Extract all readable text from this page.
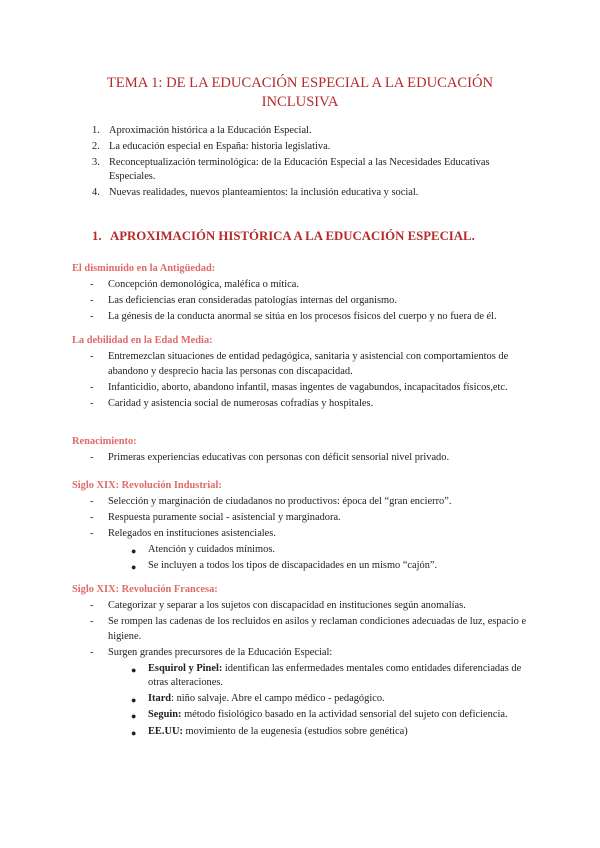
TEMA 1: DE LA EDUCACIÓN ESPECIAL A LA EDUCACIÓN
INCLUSIVA
1. Aproximación histórica a la Educación Especial.
2. La educación especial en España: historia legislativa.
3. Reconceptualización terminológica: de la Educación Especial a las Necesidades Educativas Especiales.
4. Nuevas realidades, nuevos planteamientos: la inclusión educativa y social.
1. APROXIMACIÓN HISTÓRICA A LA EDUCACIÓN ESPECIAL.
El disminuido en la Antigüedad:
- Concepción demonológica, maléfica o mítica.
- Las deficiencias eran consideradas patologías internas del organismo.
- La génesis de la conducta anormal se sitúa en los procesos físicos del cuerpo y no fuera de él.
La debilidad en la Edad Media:
- Entremezclan situaciones de entidad pedagógica, sanitaria y asistencial con comportamientos de abandono y desprecio hacia las personas con discapacidad.
- Infanticidio, aborto, abandono infantil, masas ingentes de vagabundos, incapacitados físicos,etc.
- Caridad y asistencia social de numerosas cofradías y hospitales.
Renacimiento:
- Primeras experiencias educativas con personas con déficit sensorial nivel privado.
Siglo XIX: Revolución Industrial:
- Selección y marginación de ciudadanos no productivos: época del “gran encierro”.
- Respuesta puramente social - asistencial y marginadora.
- Relegados en instituciones asistenciales.
● Atención y cuidados mínimos.
● Se incluyen a todos los tipos de discapacidades en un mismo “cajón”.
Siglo XIX: Revolución Francesa:
- Categorizar y separar a los sujetos con discapacidad en instituciones según anomalías.
- Se rompen las cadenas de los recluidos en asilos y reclaman condiciones adecuadas de luz, espacio e higiene.
- Surgen grandes precursores de la Educación Especial:
● Esquirol y Pinel: identifican las enfermedades mentales como entidades diferenciadas de otras alteraciones.
● Itard: niño salvaje. Abre el campo médico - pedagógico.
● Seguin: método fisiológico basado en la actividad sensorial del sujeto con deficiencia.
● EE.UU: movimiento de la eugenesia (estudios sobre genética)
